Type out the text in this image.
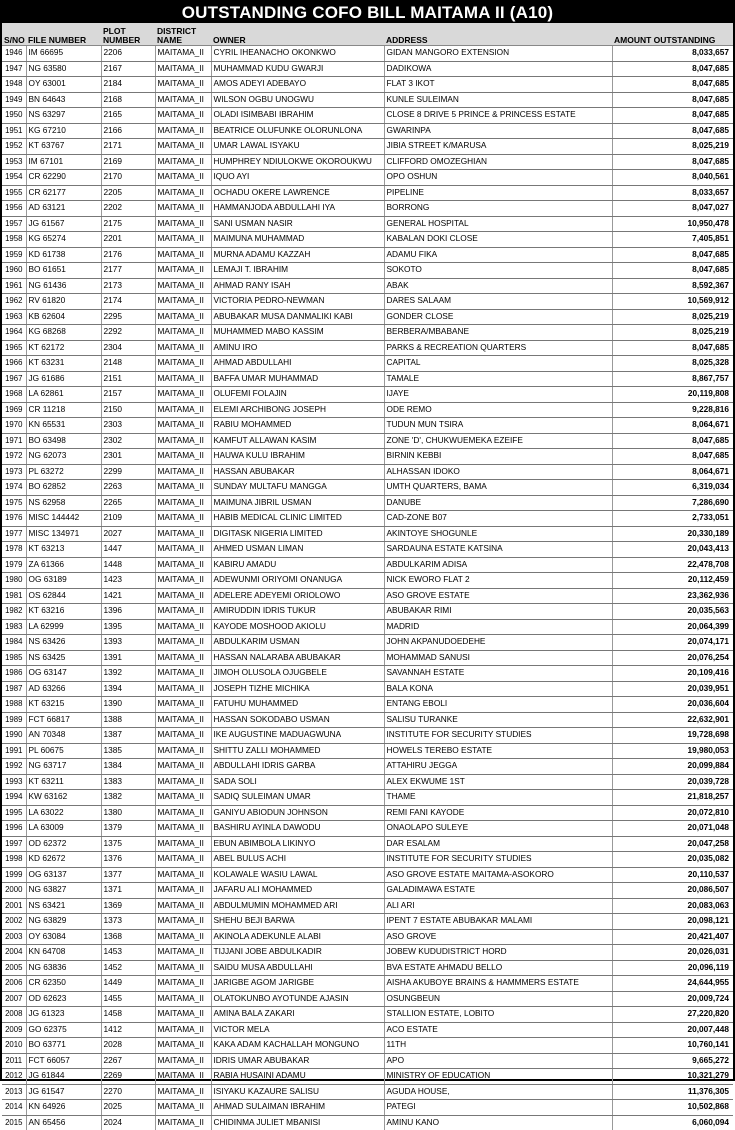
OUTSTANDING COFO BILL MAITAMA II (A10)
S/NO	FILE NUMBER	PLOT NUMBER	DISTRICT NAME	OWNER	ADDRESS	AMOUNT OUTSTANDING
1946	IM 66695	2206	MAITAMA_II	CYRIL IHEANACHO OKONKWO	GIDAN MANGORO EXTENSION	8,033,657
1947	NG 63580	2167	MAITAMA_II	MUHAMMAD KUDU GWARJI	DADIKOWA	8,047,685
1948	OY 63001	2184	MAITAMA_II	AMOS ADEYI ADEBAYO	FLAT 3 IKOT	8,047,685
1949	BN 64643	2168	MAITAMA_II	WILSON OGBU UNOGWU	KUNLE SULEIMAN	8,047,685
1950	NS 63297	2165	MAITAMA_II	OLADI ISIMBABI IBRAHIM	CLOSE 8 DRIVE 5 PRINCE & PRINCESS ESTATE	8,047,685
1951	KG 67210	2166	MAITAMA_II	BEATRICE OLUFUNKE OLORUNLONA	GWARINPA	8,047,685
1952	KT 63767	2171	MAITAMA_II	UMAR LAWAL ISYAKU	JIBIA STREET K/MARUSA	8,025,219
1953	IM 67101	2169	MAITAMA_II	HUMPHREY NDIULOKWE OKOROUKWU	CLIFFORD OMOZEGHIAN	8,047,685
1954	CR 62290	2170	MAITAMA_II	IQUO AYI	OPO OSHUN	8,040,561
1955	CR 62177	2205	MAITAMA_II	OCHADU OKERE LAWRENCE	PIPELINE	8,033,657
1956	AD 63121	2202	MAITAMA_II	HAMMANJODA ABDULLAHI IYA	BORRONG	8,047,027
1957	JG 61567	2175	MAITAMA_II	SANI USMAN NASIR	GENERAL HOSPITAL	10,950,478
1958	KG 65274	2201	MAITAMA_II	MAIMUNA MUHAMMAD	KABALAN DOKI CLOSE	7,405,851
1959	KD 61738	2176	MAITAMA_II	MURNA ADAMU KAZZAH	ADAMU FIKA	8,047,685
1960	BO 61651	2177	MAITAMA_II	LEMAJI T. IBRAHIM	SOKOTO	8,047,685
1961	NG 61436	2173	MAITAMA_II	AHMAD RANY ISAH	ABAK	8,592,367
1962	RV 61820	2174	MAITAMA_II	VICTORIA PEDRO-NEWMAN	DARES SALAAM	10,569,912
1963	KB 62604	2295	MAITAMA_II	ABUBAKAR MUSA DANMALIKI KABI	GONDER CLOSE	8,025,219
1964	KG 68268	2292	MAITAMA_II	MUHAMMED MABO KASSIM	BERBERA/MBABANE	8,025,219
1965	KT 62172	2304	MAITAMA_II	AMINU IRO	PARKS & RECREATION QUARTERS	8,047,685
1966	KT 63231	2148	MAITAMA_II	AHMAD ABDULLAHI	CAPITAL	8,025,328
1967	JG 61686	2151	MAITAMA_II	BAFFA UMAR MUHAMMAD	TAMALE	8,867,757
1968	LA 62861	2157	MAITAMA_II	OLUFEMI FOLAJIN	IJAYE	20,119,808
1969	CR 11218	2150	MAITAMA_II	ELEMI ARCHIBONG JOSEPH	ODE REMO	9,228,816
1970	KN 65531	2303	MAITAMA_II	RABIU MOHAMMED	TUDUN MUN TSIRA	8,064,671
1971	BO 63498	2302	MAITAMA_II	KAMFUT ALLAWAN KASIM	ZONE 'D', CHUKWUEMEKA EZEIFE	8,047,685
1972	NG 62073	2301	MAITAMA_II	HAUWA KULU IBRAHIM	BIRNIN KEBBI	8,047,685
1973	PL 63272	2299	MAITAMA_II	HASSAN ABUBAKAR	ALHASSAN IDOKO	8,064,671
1974	BO 62852	2263	MAITAMA_II	SUNDAY MULTAFU MANGGA	UMTH QUARTERS, BAMA	6,319,034
1975	NS 62958	2265	MAITAMA_II	MAIMUNA JIBRIL USMAN	DANUBE	7,286,690
1976	MISC 144442	2109	MAITAMA_II	HABIB MEDICAL CLINIC LIMITED	CAD-ZONE B07	2,733,051
1977	MISC 134971	2027	MAITAMA_II	DIGITASK NIGERIA LIMITED	AKINTOYE SHOGUNLE	20,330,189
1978	KT 63213	1447	MAITAMA_II	AHMED USMAN LIMAN	SARDAUNA ESTATE KATSINA	20,043,413
1979	ZA 61366	1448	MAITAMA_II	KABIRU AMADU	ABDULKARIM ADISA	22,478,708
1980	OG 63189	1423	MAITAMA_II	ADEWUNMI ORIYOMI ONANUGA	NICK EWORO FLAT 2	20,112,459
1981	OS 62844	1421	MAITAMA_II	ADELERE ADEYEMI ORIOLOWO	ASO GROVE ESTATE	23,362,936
1982	KT 63216	1396	MAITAMA_II	AMIRUDDIN IDRIS TUKUR	ABUBAKAR RIMI	20,035,563
1983	LA 62999	1395	MAITAMA_II	KAYODE MOSHOOD AKIOLU	MADRID	20,064,399
1984	NS 63426	1393	MAITAMA_II	ABDULKARIM USMAN	JOHN AKPANUDOEDEHE	20,074,171
1985	NS 63425	1391	MAITAMA_II	HASSAN NALARABA ABUBAKAR	MOHAMMAD SANUSI	20,076,254
1986	OG 63147	1392	MAITAMA_II	JIMOH OLUSOLA OJUGBELE	SAVANNAH ESTATE	20,109,416
1987	AD 63266	1394	MAITAMA_II	JOSEPH TIZHE MICHIKA	BALA KONA	20,039,951
1988	KT 63215	1390	MAITAMA_II	FATUHU MUHAMMED	ENTANG EBOLI	20,036,604
1989	FCT 66817	1388	MAITAMA_II	HASSAN SOKODABO USMAN	SALISU TURANKE	22,632,901
1990	AN 70348	1387	MAITAMA_II	IKE AUGUSTINE MADUAGWUNA	INSTITUTE FOR SECURITY STUDIES	19,728,698
1991	PL 60675	1385	MAITAMA_II	SHITTU ZALLI MOHAMMED	HOWELS TEREBO ESTATE	19,980,053
1992	NG 63717	1384	MAITAMA_II	ABDULLAHI IDRIS GARBA	ATTAHIRU JEGGA	20,099,884
1993	KT 63211	1383	MAITAMA_II	SADA SOLI	ALEX EKWUME 1ST	20,039,728
1994	KW 63162	1382	MAITAMA_II	SADIQ SULEIMAN UMAR	THAME	21,818,257
1995	LA 63022	1380	MAITAMA_II	GANIYU ABIODUN JOHNSON	REMI FANI KAYODE	20,072,810
1996	LA 63009	1379	MAITAMA_II	BASHIRU AYINLA DAWODU	ONAOLAPO SULEYE	20,071,048
1997	OD 62372	1375	MAITAMA_II	EBUN ABIMBOLA LIKINYO	DAR ESALAM	20,047,258
1998	KD 62672	1376	MAITAMA_II	ABEL BULUS ACHI	INSTITUTE FOR SECURITY STUDIES	20,035,082
1999	OG 63137	1377	MAITAMA_II	KOLAWALE WASIU LAWAL	ASO GROVE ESTATE MAITAMA-ASOKORO	20,110,537
2000	NG 63827	1371	MAITAMA_II	JAFARU ALI MOHAMMED	GALADIMAWA ESTATE	20,086,507
2001	NS 63421	1369	MAITAMA_II	ABDULMUMIN MOHAMMED ARI	ALI ARI	20,083,063
2002	NG 63829	1373	MAITAMA_II	SHEHU BEJI BARWA	IPENT 7 ESTATE ABUBAKAR MALAMI	20,098,121
2003	OY 63084	1368	MAITAMA_II	AKINOLA ADEKUNLE ALABI	ASO GROVE	20,421,407
2004	KN 64708	1453	MAITAMA_II	TIJJANI JOBE ABDULKADIR	JOBEW KUDUDISTRICT HORD	20,026,031
2005	NG 63836	1452	MAITAMA_II	SAIDU MUSA ABDULLAHI	BVA ESTATE AHMADU BELLO	20,096,119
2006	CR 62350	1449	MAITAMA_II	JARIGBE AGOM JARIGBE	AISHA AKUBOYE BRAINS & HAMMMERS ESTATE	24,644,955
2007	OD 62623	1455	MAITAMA_II	OLATOKUNBO AYOTUNDE AJASIN	OSUNGBEUN	20,009,724
2008	JG 61323	1458	MAITAMA_II	AMINA BALA ZAKARI	STALLION ESTATE, LOBITO	27,220,820
2009	GO 62375	1412	MAITAMA_II	VICTOR MELA	ACO ESTATE	20,007,448
2010	BO 63771	2028	MAITAMA_II	KAKA ADAM KACHALLAH MONGUNO	11TH	10,760,141
2011	FCT 66057	2267	MAITAMA_II	IDRIS UMAR ABUBAKAR	APO	9,665,272
2012	JG 61844	2269	MAITAMA_II	RABIA HUSAINI ADAMU	MINISTRY OF EDUCATION	10,321,279
2013	JG 61547	2270	MAITAMA_II	ISIYAKU KAZAURE SALISU	AGUDA HOUSE,	11,376,305
2014	KN 64926	2025	MAITAMA_II	AHMAD SULAIMAN IBRAHIM	PATEGI	10,502,868
2015	AN 65456	2024	MAITAMA_II	CHIDINMA JULIET MBANISI	AMINU KANO	6,060,094
